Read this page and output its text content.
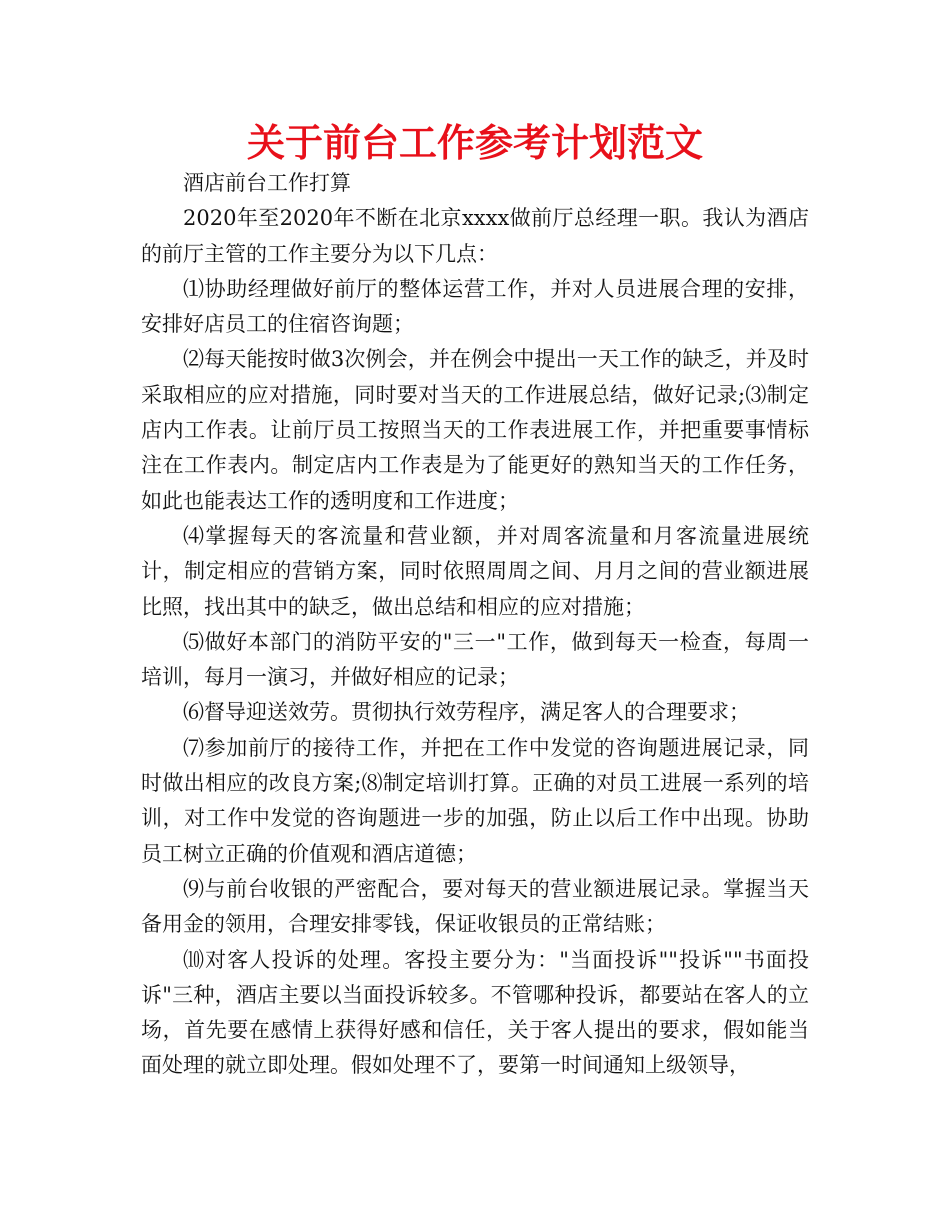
关于前台工作参考计划范文

酒店前台工作打算

2020年至2020年不断在北京xxxx做前厅总经理一职。我认为酒店的前厅主管的工作主要分为以下几点：

⑴协助经理做好前厅的整体运营工作，并对人员进展合理的安排，安排好店员工的住宿咨询题；

⑵每天能按时做3次例会，并在例会中提出一天工作的缺乏，并及时采取相应的应对措施，同时要对当天的工作进展总结，做好记录;⑶制定店内工作表。让前厅员工按照当天的工作表进展工作，并把重要事情标注在工作表内。制定店内工作表是为了能更好的熟知当天的工作任务，如此也能表达工作的透明度和工作进度；

⑷掌握每天的客流量和营业额，并对周客流量和月客流量进展统计，制定相应的营销方案，同时依照周周之间、月月之间的营业额进展比照，找出其中的缺乏，做出总结和相应的应对措施；

⑸做好本部门的消防平安的"三一"工作，做到每天一检查，每周一培训，每月一演习，并做好相应的记录；

⑹督导迎送效劳。贯彻执行效劳程序，满足客人的合理要求；

⑺参加前厅的接待工作，并把在工作中发觉的咨询题进展记录，同时做出相应的改良方案;⑻制定培训打算。正确的对员工进展一系列的培训，对工作中发觉的咨询题进一步的加强，防止以后工作中出现。协助员工树立正确的价值观和酒店道德；

⑼与前台收银的严密配合，要对每天的营业额进展记录。掌握当天备用金的领用，合理安排零钱，保证收银员的正常结账；

⑽对客人投诉的处理。客投主要分为："当面投诉""投诉""书面投诉"三种，酒店主要以当面投诉较多。不管哪种投诉，都要站在客人的立场，首先要在感情上获得好感和信任，关于客人提出的要求，假如能当面处理的就立即处理。假如处理不了，要第一时间通知上级领导，
